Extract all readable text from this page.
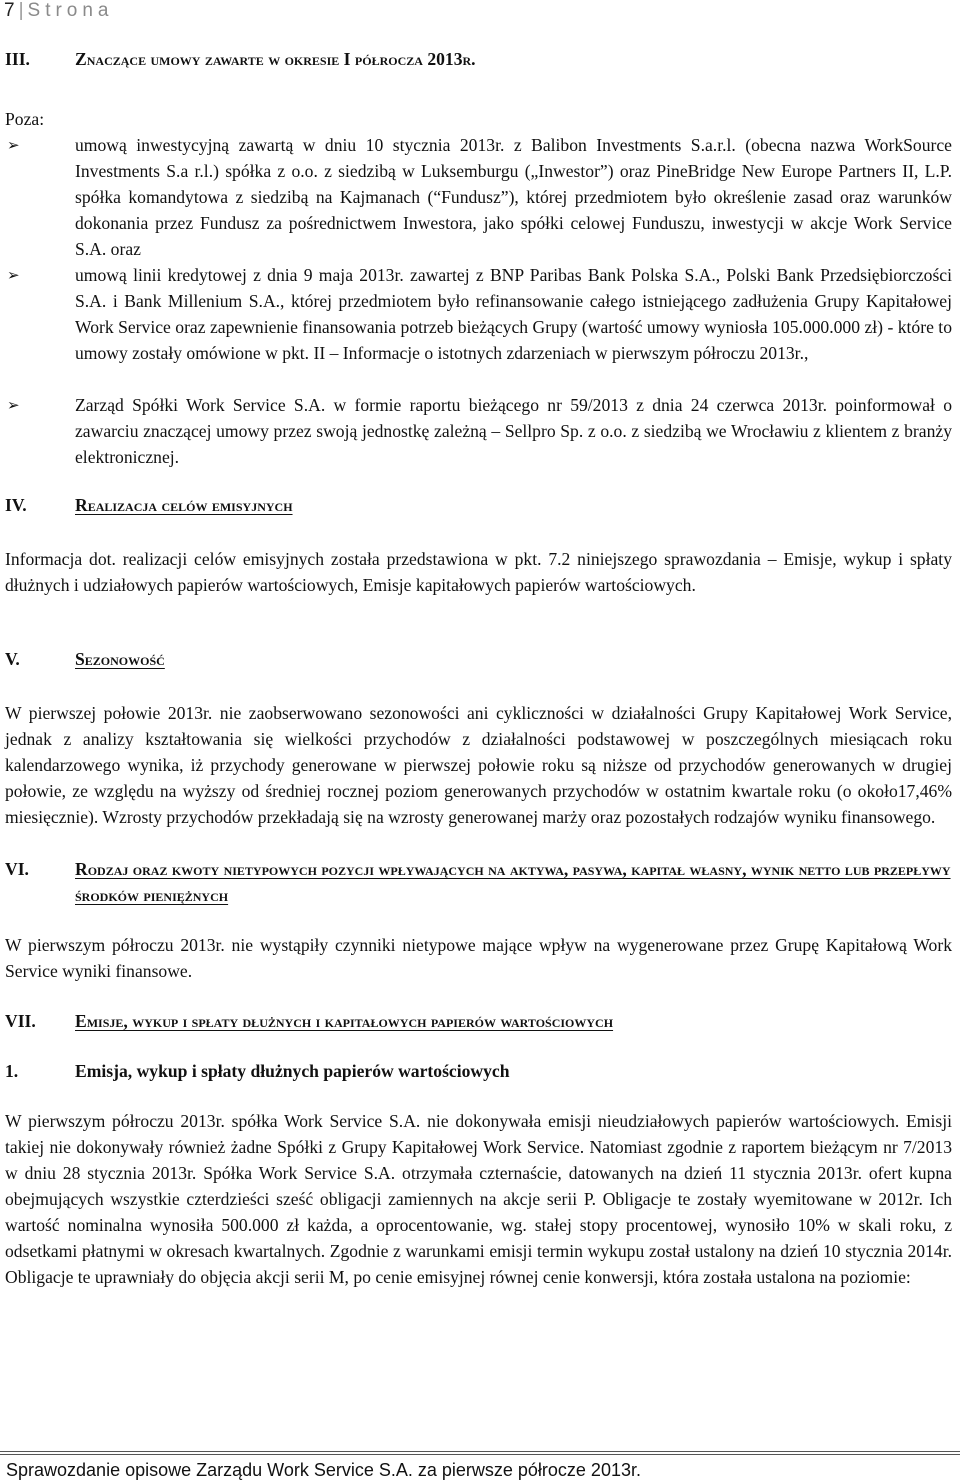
7 | Strona
III.	Znaczące umowy zawarte w okresie I półrocza 2013r.

Poza:

➢	umową inwestycyjną zawartą w dniu 10 stycznia 2013r. z Balibon Investments S.a.r.l. (obecna nazwa WorkSource Investments S.a r.l.) spółka z o.o. z siedzibą w Luksemburgu („Inwestor”) oraz PineBridge New Europe Partners II, L.P. spółka komandytowa z siedzibą na Kajmanach (“Fundusz”), której przedmiotem było określenie zasad oraz warunków dokonania przez Fundusz za pośrednictwem Inwestora, jako spółki celowej Funduszu, inwestycji w akcje Work Service S.A. oraz
➢	umową linii kredytowej z dnia 9 maja 2013r. zawartej z BNP Paribas Bank Polska S.A., Polski Bank Przedsiębiorczości S.A. i Bank Millenium S.A., której przedmiotem było refinansowanie całego istniejącego zadłużenia Grupy Kapitałowej Work Service oraz zapewnienie finansowania potrzeb bieżących Grupy (wartość umowy wyniosła 105.000.000 zł) - które to umowy zostały omówione w pkt. II – Informacje o istotnych zdarzeniach w pierwszym półroczu 2013r.,
➢	Zarząd Spółki Work Service S.A. w formie raportu bieżącego nr 59/2013 z dnia 24 czerwca 2013r. poinformował o zawarciu znaczącej umowy przez swoją jednostkę zależną – Sellpro Sp. z o.o. z siedzibą we Wrocławiu z klientem z branży elektronicznej.
IV.	Realizacja celów emisyjnych

Informacja dot. realizacji celów emisyjnych została przedstawiona w pkt. 7.2 niniejszego sprawozdania – Emisje, wykup i spłaty dłużnych i udziałowych papierów wartościowych, Emisje kapitałowych papierów wartościowych.

V.	Sezonowość

W pierwszej połowie 2013r. nie zaobserwowano sezonowości ani cykliczności w działalności Grupy Kapitałowej Work Service, jednak z analizy kształtowania się wielkości przychodów z działalności podstawowej w poszczególnych miesiącach roku kalendarzowego wynika, iż przychody generowane w pierwszej połowie roku są niższe od przychodów generowanych w drugiej połowie, ze względu na wyższy od średniej rocznej poziom generowanych przychodów w ostatnim kwartale roku (o około17,46% miesięcznie). Wzrosty przychodów przekładają się na wzrosty generowanej marży oraz pozostałych rodzajów wyniku finansowego.

VI.	Rodzaj oraz kwoty nietypowych pozycji wpływających na aktywa, pasywa, kapitał własny, wynik netto lub przepływy środków pieniężnych

W pierwszym półroczu 2013r. nie wystąpiły czynniki nietypowe mające wpływ na wygenerowane przez Grupę Kapitałową Work Service wyniki finansowe.

VII.	Emisje, wykup i spłaty dłużnych i kapitałowych papierów wartościowych
1.	Emisja, wykup i spłaty dłużnych papierów wartościowych

W pierwszym półroczu 2013r. spółka Work Service S.A. nie dokonywała emisji nieudziałowych papierów wartościowych. Emisji takiej nie dokonywały również żadne Spółki z Grupy Kapitałowej Work Service. Natomiast zgodnie z raportem bieżącym nr 7/2013 w dniu 28 stycznia 2013r. Spółka Work Service S.A. otrzymała czternaście, datowanych na dzień 11 stycznia 2013r. ofert kupna obejmujących wszystkie czterdzieści sześć obligacji zamiennych na akcje serii P. Obligacje te zostały wyemitowane w 2012r. Ich wartość nominalna wynosiła 500.000 zł każda, a oprocentowanie, wg. stałej stopy procentowej, wynosiło 10% w skali roku, z odsetkami płatnymi w okresach kwartalnych. Zgodnie z warunkami emisji termin wykupu został ustalony na dzień 10 stycznia 2014r. Obligacje te uprawniały do objęcia akcji serii M, po cenie emisyjnej równej cenie konwersji, która została ustalona na poziomie:

Sprawozdanie opisowe Zarządu Work Service S.A. za pierwsze półrocze 2013r.
